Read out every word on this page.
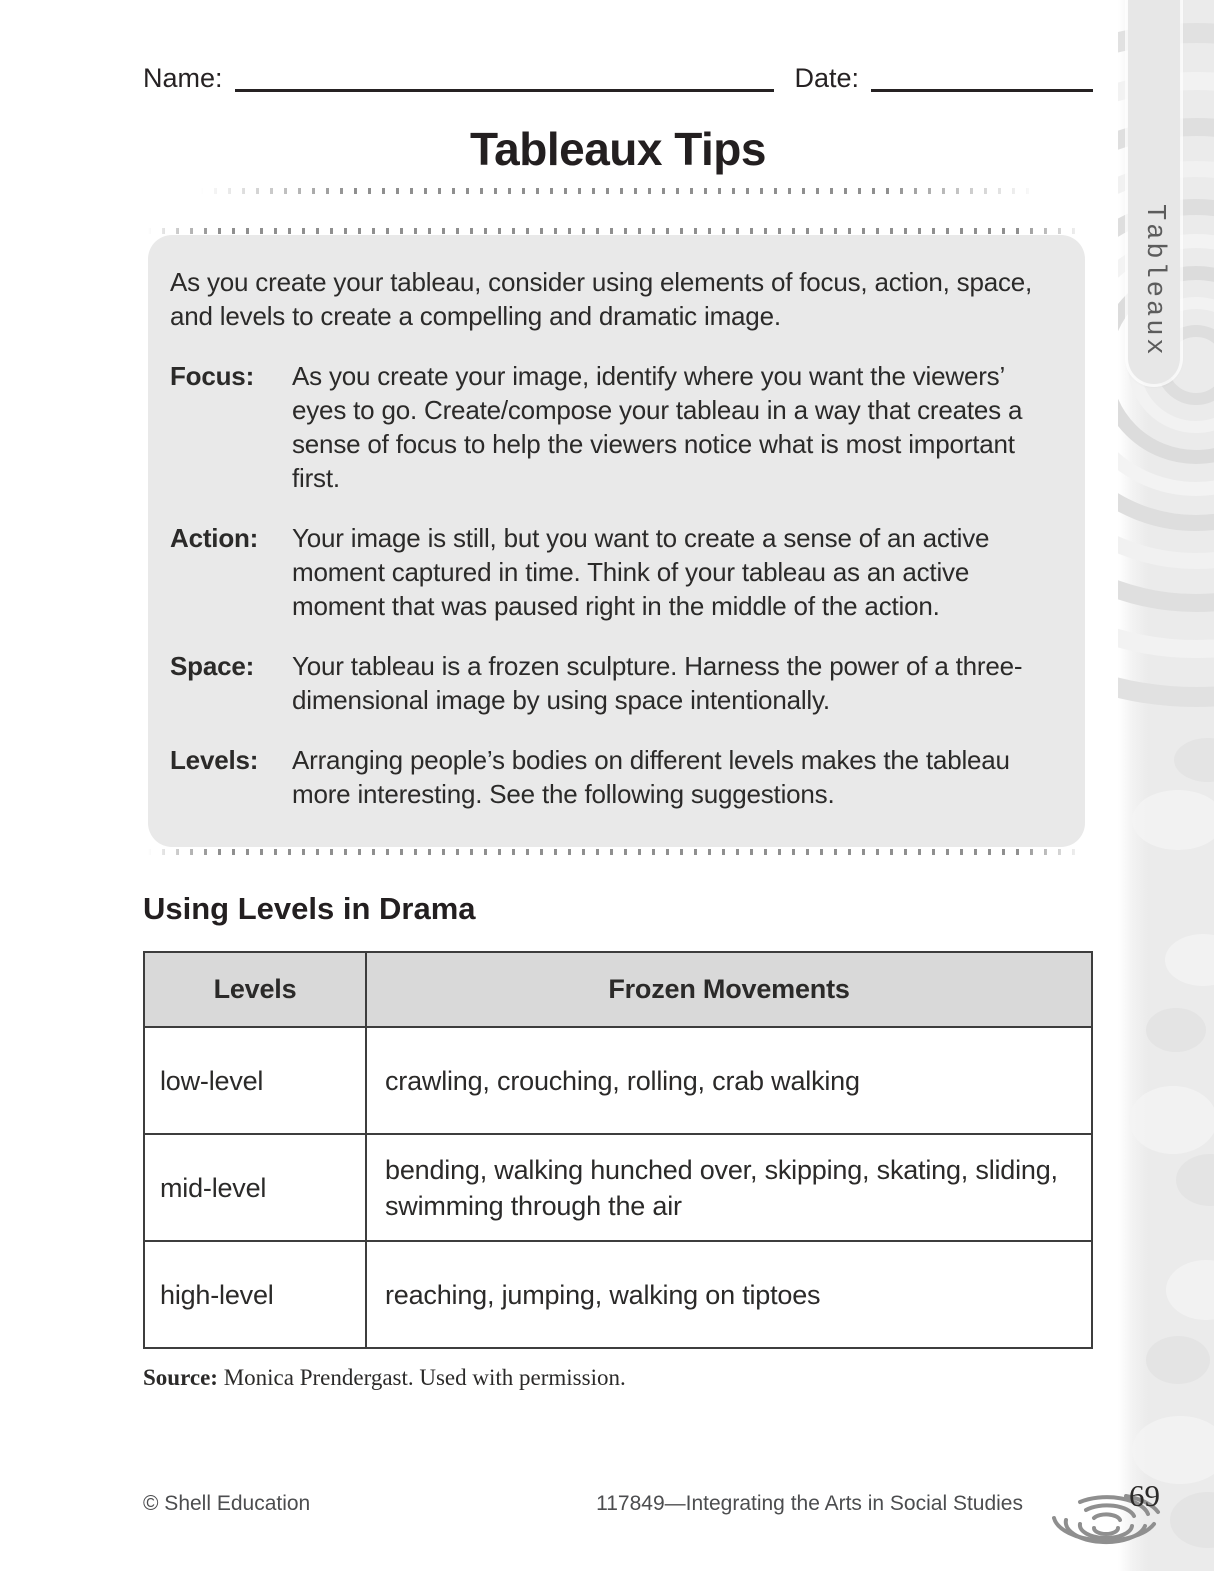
Tableaux
Name:	Date:
Tableaux Tips

As you create your tableau, consider using elements of focus, action, space, and levels to create a compelling and dramatic image.

Focus: As you create your image, identify where you want the viewers’ eyes to go. Create/compose your tableau in a way that creates a sense of focus to help the viewers notice what is most important first.
Action: Your image is still, but you want to create a sense of an active moment captured in time. Think of your tableau as an active moment that was paused right in the middle of the action.
Space: Your tableau is a frozen sculpture. Harness the power of a three-dimensional image by using space intentionally.
Levels: Arranging people’s bodies on different levels makes the tableau more interesting. See the following suggestions.
Using Levels in Drama
Levels	Frozen Movements
low-level	crawling, crouching, rolling, crab walking
mid-level	bending, walking hunched over, skipping, skating, sliding, swimming through the air
high-level	reaching, jumping, walking on tiptoes

Source: Monica Prendergast. Used with permission.

© Shell Education	117849—Integrating the Arts in Social Studies	69
